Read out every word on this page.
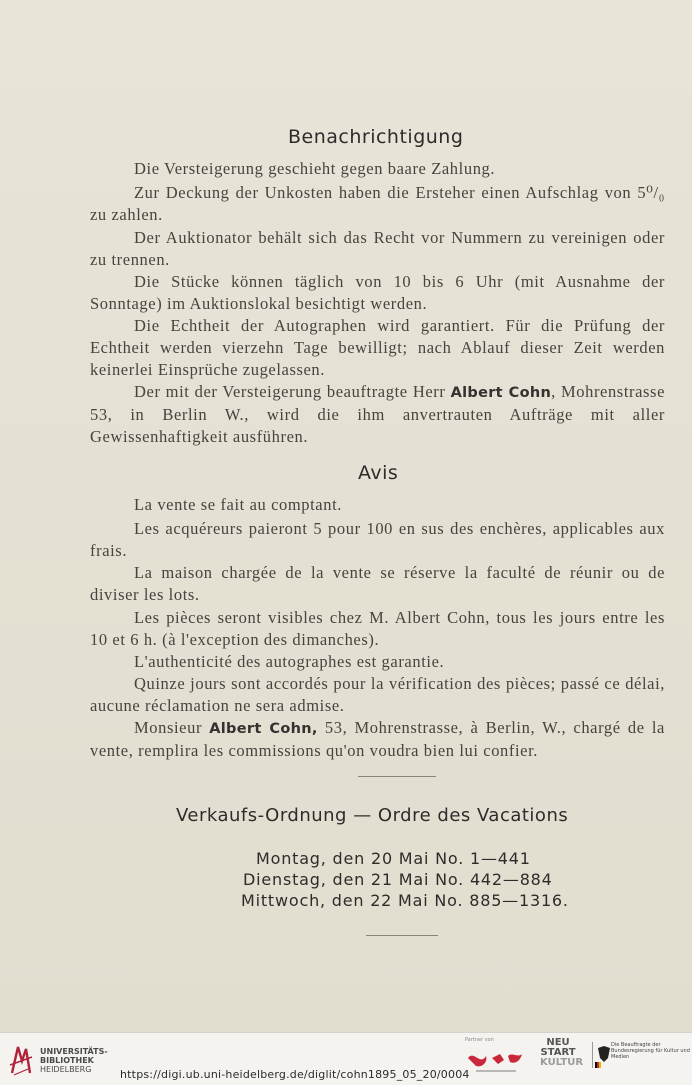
Benachrichtigung
Die Versteigerung geschieht gegen baare Zahlung.
Zur Deckung der Unkosten haben die Ersteher einen Aufschlag von 5⁰/₀ zu zahlen.
Der Auktionator behält sich das Recht vor Nummern zu vereinigen oder zu trennen.
Die Stücke können täglich von 10 bis 6 Uhr (mit Ausnahme der Sonntage) im Auktionslokal besichtigt werden.
Die Echtheit der Autographen wird garantiert. Für die Prüfung der Echtheit werden vierzehn Tage bewilligt; nach Ablauf dieser Zeit werden keinerlei Einsprüche zugelassen.
Der mit der Versteigerung beauftragte Herr Albert Cohn, Mohrenstrasse 53, in Berlin W., wird die ihm anvertrauten Aufträge mit aller Gewissenhaftigkeit ausführen.
Avis
La vente se fait au comptant.
Les acquéreurs paieront 5 pour 100 en sus des enchères, applicables aux frais.
La maison chargée de la vente se réserve la faculté de réunir ou de diviser les lots.
Les pièces seront visibles chez M. Albert Cohn, tous les jours entre les 10 et 6 h. (à l'exception des dimanches).
L'authenticité des autographes est garantie.
Quinze jours sont accordés pour la vérification des pièces; passé ce délai, aucune réclamation ne sera admise.
Monsieur Albert Cohn, 53, Mohrenstrasse, à Berlin, W., chargé de la vente, remplira les commissions qu'on voudra bien lui confier.
Verkaufs-Ordnung — Ordre des Vacations
Montag, den 20 Mai No. 1—441
Dienstag, den 21 Mai No. 442—884
Mittwoch, den 22 Mai No. 885—1316.
UNIVERSITÄTS-
BIBLIOTHEK
HEIDELBERG	https://digi.ub.uni-heidelberg.de/diglit/cohn1895_05_20/0004
Partner von	NEU
START
KULTUR
Die Beauftragte der Bundesregierung für Kultur und Medien
